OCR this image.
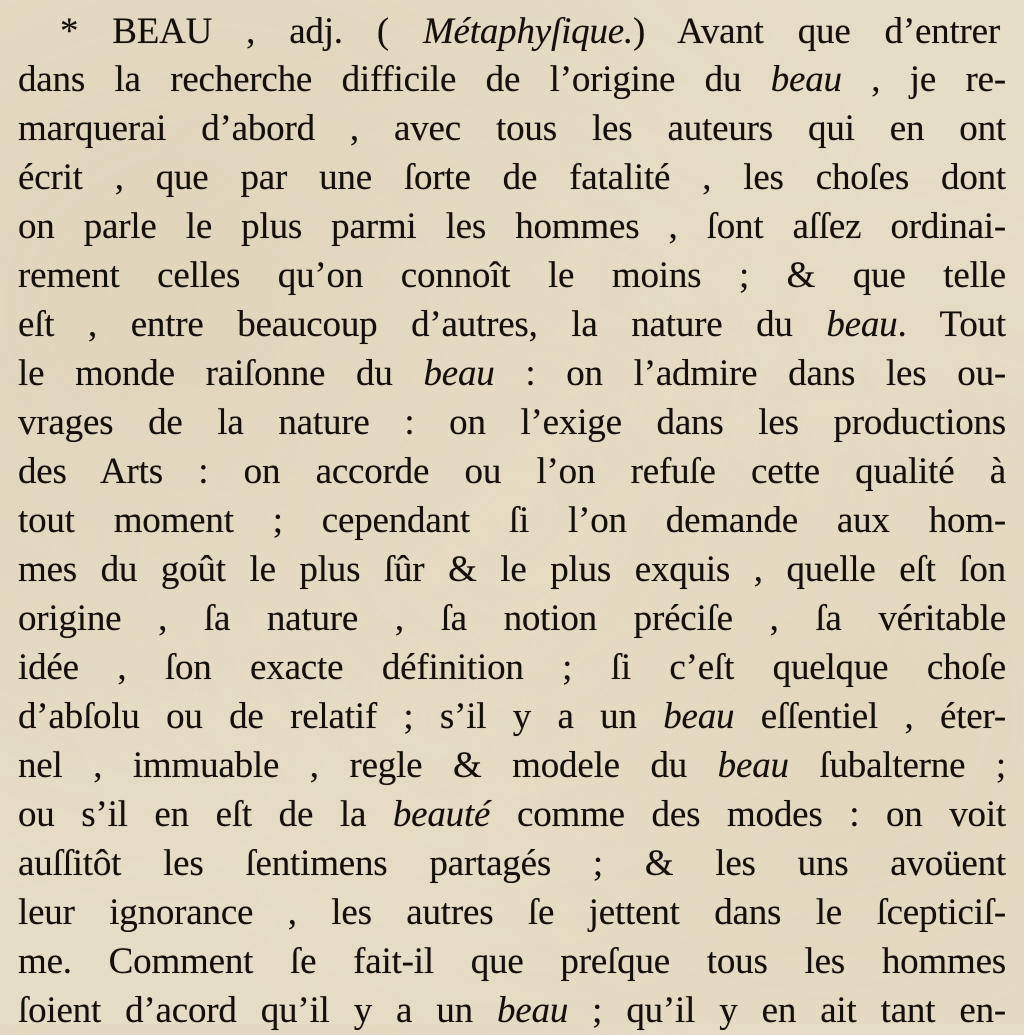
* BEAU , adj. ( Métaphyſique.) Avant que d’entrer
dans la recherche difficile de l’origine du beau , je re-
marquerai d’abord , avec tous les auteurs qui en ont
écrit , que par une ſorte de fatalité , les choſes dont
on parle le plus parmi les hommes , ſont aſſez ordinai-
rement celles qu’on connoît le moins ; & que telle
eſt , entre beaucoup d’autres, la nature du beau. Tout
le monde raiſonne du beau : on l’admire dans les ou-
vrages de la nature : on l’exige dans les productions
des Arts : on accorde ou l’on refuſe cette qualité à
tout moment ; cependant ſi l’on demande aux hom-
mes du goût le plus ſûr & le plus exquis , quelle eſt ſon
origine , ſa nature , ſa notion préciſe , ſa véritable
idée , ſon exacte définition ; ſi c’eſt quelque choſe
d’abſolu ou de relatif ; s’il y a un beau eſſentiel , éter-
nel , immuable , regle & modele du beau ſubalterne ;
ou s’il en eſt de la beauté comme des modes : on voit
auſſitôt les ſentimens partagés ; & les uns avoüent
leur ignorance , les autres ſe jettent dans le ſcepticiſ-
me. Comment ſe fait-il que preſque tous les hommes
ſoient d’acord qu’il y a un beau ; qu’il y en ait tant en-
